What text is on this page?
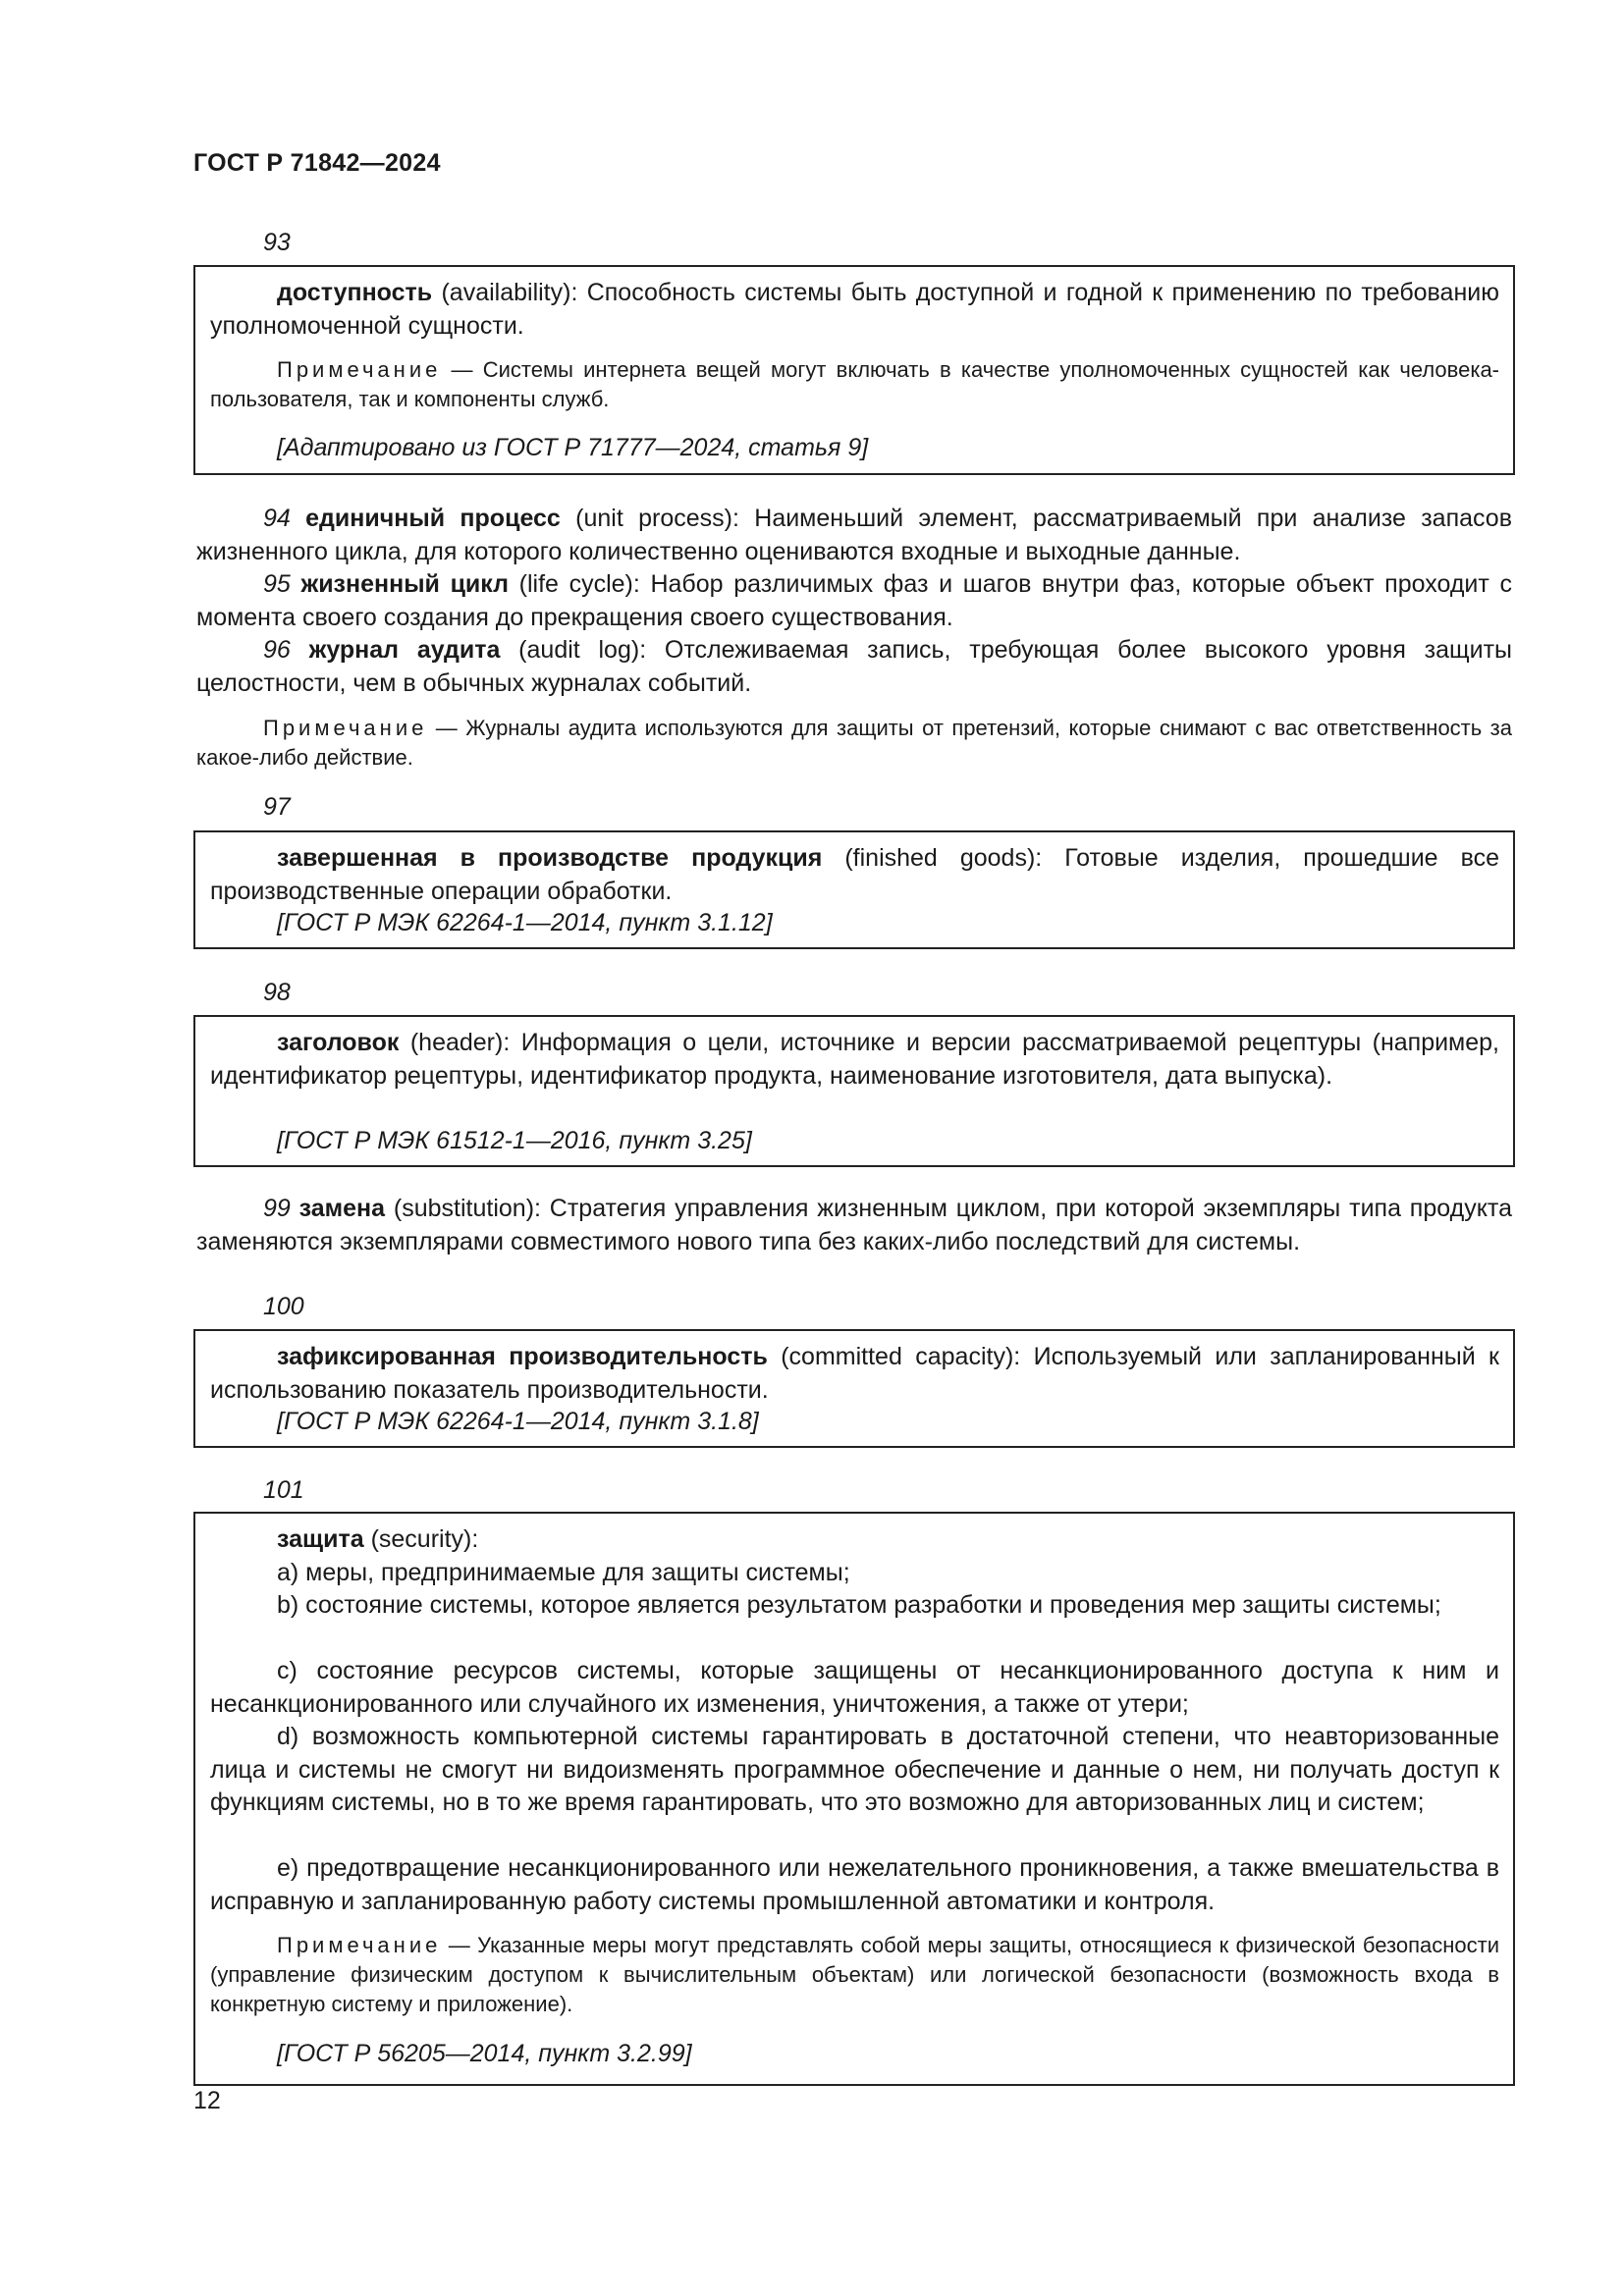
ГОСТ Р 71842—2024
93
доступность (availability): Способность системы быть доступной и годной к применению по требованию уполномоченной сущности.
Примечание — Системы интернета вещей могут включать в качестве уполномоченных сущностей как человека-пользователя, так и компоненты служб.
[Адаптировано из ГОСТ Р 71777—2024, статья 9]
94 единичный процесс (unit process): Наименьший элемент, рассматриваемый при анализе запасов жизненного цикла, для которого количественно оцениваются входные и выходные данные.
95 жизненный цикл (life cycle): Набор различимых фаз и шагов внутри фаз, которые объект проходит с момента своего создания до прекращения своего существования.
96 журнал аудита (audit log): Отслеживаемая запись, требующая более высокого уровня защиты целостности, чем в обычных журналах событий.
Примечание — Журналы аудита используются для защиты от претензий, которые снимают с вас ответственность за какое-либо действие.
97
завершенная в производстве продукция (finished goods): Готовые изделия, прошедшие все производственные операции обработки.
[ГОСТ Р МЭК 62264-1—2014, пункт 3.1.12]
98
заголовок (header): Информация о цели, источнике и версии рассматриваемой рецептуры (например, идентификатор рецептуры, идентификатор продукта, наименование изготовителя, дата выпуска).
[ГОСТ Р МЭК 61512-1—2016, пункт 3.25]
99 замена (substitution): Стратегия управления жизненным циклом, при которой экземпляры типа продукта заменяются экземплярами совместимого нового типа без каких-либо последствий для системы.
100
зафиксированная производительность (committed capacity): Используемый или запланированный к использованию показатель производительности.
[ГОСТ Р МЭК 62264-1—2014, пункт 3.1.8]
101
защита (security):
a) меры, предпринимаемые для защиты системы;
b) состояние системы, которое является результатом разработки и проведения мер защиты системы;
c) состояние ресурсов системы, которые защищены от несанкционированного доступа к ним и несанкционированного или случайного их изменения, уничтожения, а также от утери;
d) возможность компьютерной системы гарантировать в достаточной степени, что неавторизованные лица и системы не смогут ни видоизменять программное обеспечение и данные о нем, ни получать доступ к функциям системы, но в то же время гарантировать, что это возможно для авторизованных лиц и систем;
e) предотвращение несанкционированного или нежелательного проникновения, а также вмешательства в исправную и запланированную работу системы промышленной автоматики и контроля.
Примечание — Указанные меры могут представлять собой меры защиты, относящиеся к физической безопасности (управление физическим доступом к вычислительным объектам) или логической безопасности (возможность входа в конкретную систему и приложение).
[ГОСТ Р 56205—2014, пункт 3.2.99]
12
